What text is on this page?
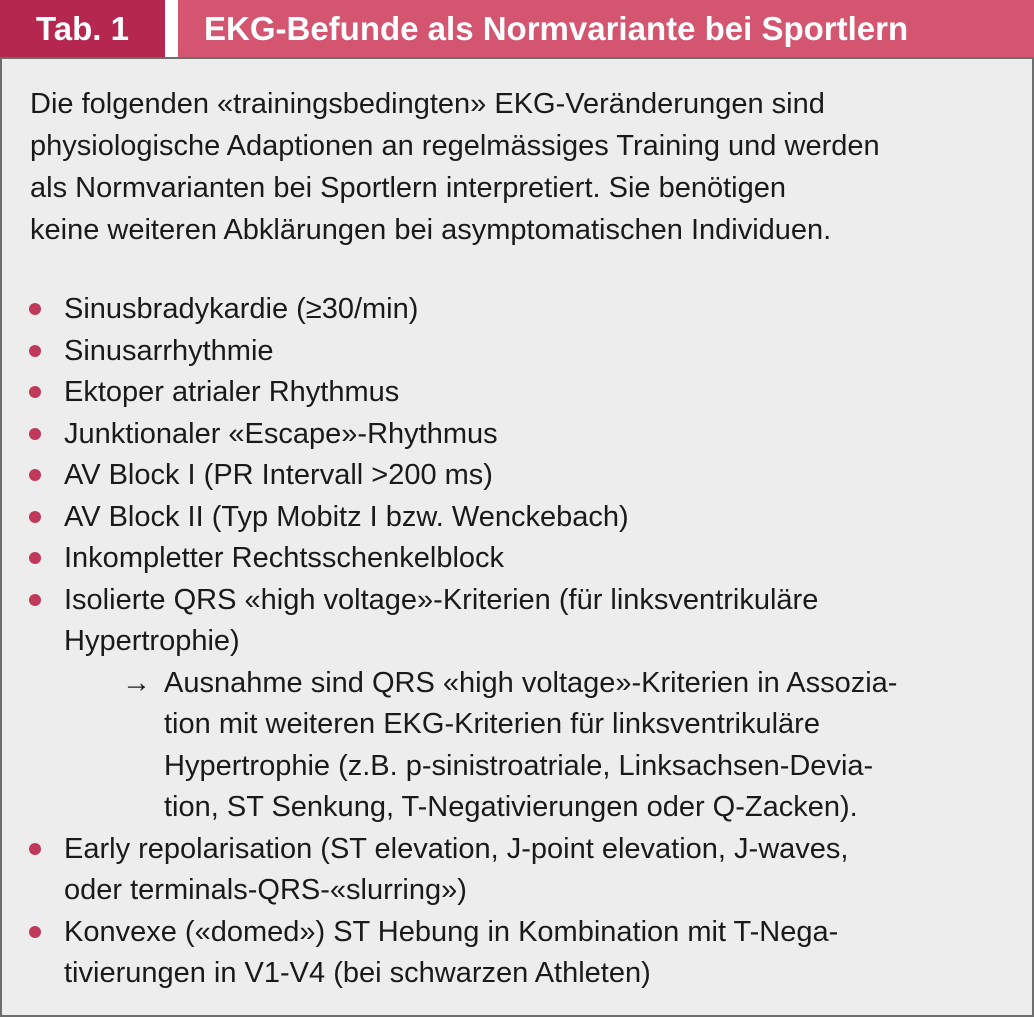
Tab. 1 EKG-Befunde als Normvariante bei Sportlern

Die folgenden «trainingsbedingten» EKG-Veränderungen sind
physiologische Adaptionen an regelmässiges Training und werden
als Normvarianten bei Sportlern interpretiert. Sie benötigen
keine weiteren Abklärungen bei asymptomatischen Individuen.

Sinusbradykardie (≥30/min)
Sinusarrhythmie
Ektoper atrialer Rhythmus
Junktionaler «Escape»-Rhythmus
AV Block I (PR Intervall >200 ms)
AV Block II (Typ Mobitz I bzw. Wenckebach)
Inkompletter Rechtsschenkelblock
Isolierte QRS «high voltage»-Kriterien (für linksventrikuläre
Hypertrophie)
→ Ausnahme sind QRS «high voltage»-Kriterien in Assozia-
tion mit weiteren EKG-Kriterien für linksventrikuläre
Hypertrophie (z.B. p-sinistroatriale, Linksachsen-Devia-
tion, ST Senkung, T-Negativierungen oder Q-Zacken).
Early repolarisation (ST elevation, J-point elevation, J-waves,
oder terminals-QRS-«slurring»)
Konvexe («domed») ST Hebung in Kombination mit T-Nega-
tivierungen in V1-V4 (bei schwarzen Athleten)
